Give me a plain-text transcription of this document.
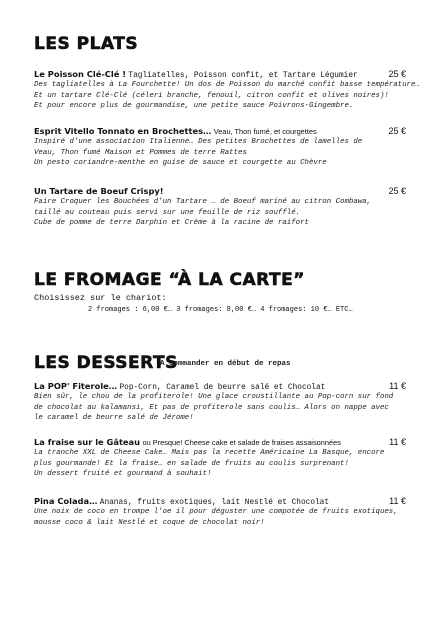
LES PLATS
Le Poisson Clé-Clé ! Tagliatelles, Poisson confit, et Tartare Légumier	25 €
Des tagliatelles à La Fourchette! Un dos de Poisson du marché confit basse température…
Et un tartare Clé-Clé (céleri branche, fenouil, citron confit et olives noires)!
Et pour encore plus de gourmandise, une petite sauce Poivrons-Gingembre.
Esprit Vitello Tonnato en Brochettes… Veau, Thon fumé, et courgettes	25 €
Inspiré d'une association Italienne… Des petites Brochettes de lamelles de
Veau, Thon fumé Maison et Pommes de terre Rattes
Un pesto coriandre-menthe en guise de sauce et courgette au Chèvre
Un Tartare de Boeuf Crispy!	25 €
Faire Croquer les Bouchées d'un Tartare … de Boeuf mariné au citron Combawa,
taillé au couteau puis servi sur une feuille de riz soufflé.
Cube de pomme de terre Darphin et Crème à la racine de raifort
LE FROMAGE “À LA CARTE”
Choisissez sur le chariot:
2 fromages : 6,00 €… 3 fromages: 8,00 €… 4 fromages: 10 €… ETC…
LES DESSERTS
A commander en début de repas
La POP' Fiterole… Pop-Corn, Caramel de beurre salé et Chocolat	11 €
Bien sûr, le chou de la profiterole! Une glace croustillante au Pop-corn sur fond
de chocolat au kalamansi, Et pas de profiterole sans coulis… Alors on nappe avec
le caramel de beurre salé de Jérome!
La fraise sur le Gâteau ou Presque! Cheese cake et salade de fraises assaisonnées	11 €
La tranche XXL de Cheese Cake… Mais pas la recette Américaine La Basque, encore
plus gourmande! Et la fraise… en salade de fruits au coulis surprenant!
Un dessert fruité et gourmand à souhait!
Pina Colada… Ananas, fruits exotiques, lait Nestlé et Chocolat	11 €
Une noix de coco en trompe l'oe il pour déguster une compotée de fruits exotiques,
mousse coco & lait Nestlé et coque de chocolat noir!
